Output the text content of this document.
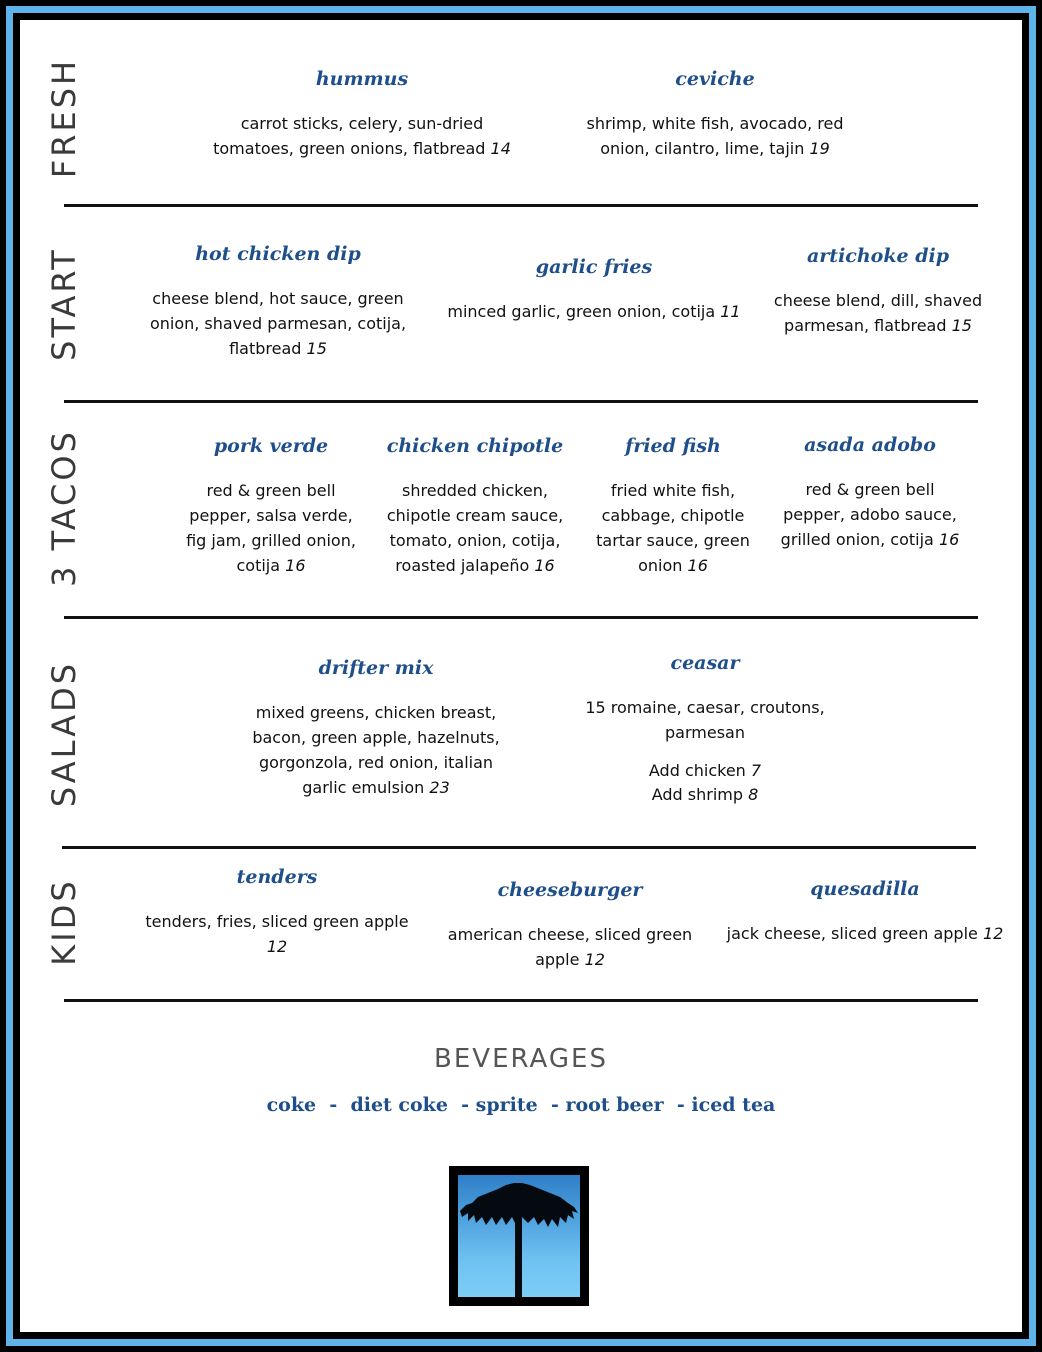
FRESH	hummus
carrot sticks, celery, sun-dried tomatoes, green onions, flatbread 14
ceviche
shrimp, white fish, avocado, red onion, cilantro, lime, tajin 19
START	hot chicken dip
cheese blend, hot sauce, green onion, shaved parmesan, cotija, flatbread 15
garlic fries
minced garlic, green onion, cotija 11
artichoke dip
cheese blend, dill, shaved parmesan, flatbread 15
3 TACOS	pork verde
red & green bell pepper, salsa verde, fig jam, grilled onion, cotija 16
chicken chipotle
shredded chicken, chipotle cream sauce, tomato, onion, cotija, roasted jalapeño 16
fried fish
fried white fish, cabbage, chipotle tartar sauce, green onion 16
asada adobo
red & green bell pepper, adobo sauce, grilled onion, cotija 16
SALADS	drifter mix
mixed greens, chicken breast, bacon, green apple, hazelnuts, gorgonzola, red onion, italian garlic emulsion 23
ceasar
15 romaine, caesar, croutons, parmesan
Add chicken 7
Add shrimp 8
KIDS
tenders
tenders, fries, sliced green apple 12
cheeseburger
american cheese, sliced green apple 12
quesadilla
jack cheese, sliced green apple 12
BEVERAGES
coke  -  diet coke  - sprite  - root beer  - iced tea
